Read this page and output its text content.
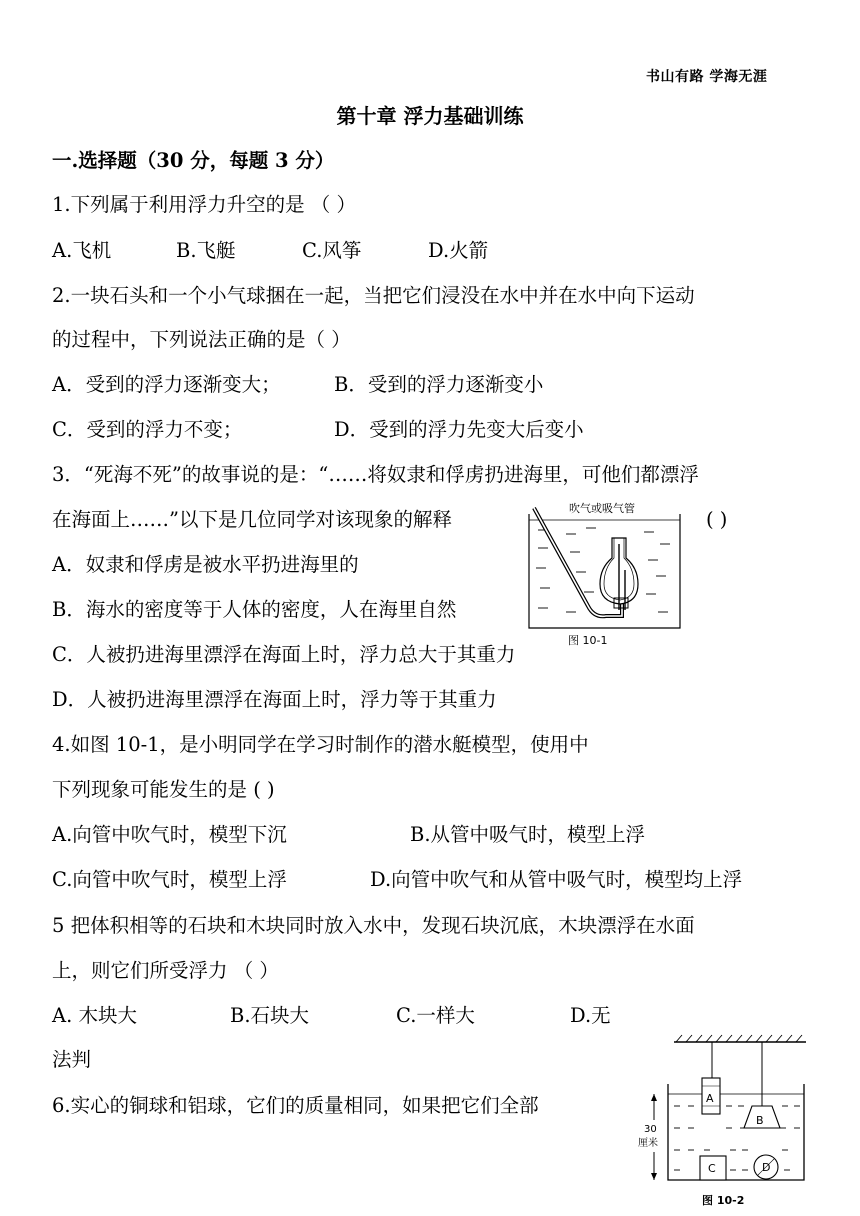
书山有路 学海无涯
第十章 浮力基础训练
一.选择题（30 分，每题 3 分）
1.下列属于利用浮力升空的是 （ ）
A.飞机	B.飞艇	C.风筝	D.火箭
2.一块石头和一个小气球捆在一起，当把它们浸没在水中并在水中向下运动
的过程中，下列说法正确的是（ ）
A．受到的浮力逐渐变大；	B．受到的浮力逐渐变小
C．受到的浮力不变；	D．受到的浮力先变大后变小
3．“死海不死”的故事说的是：“……将奴隶和俘虏扔进海里，可他们都漂浮
在海面上……”以下是几位同学对该现象的解释	( )
A．奴隶和俘虏是被水平扔进海里的
B．海水的密度等于人体的密度，人在海里自然
C．人被扔进海里漂浮在海面上时，浮力总大于其重力
D．人被扔进海里漂浮在海面上时，浮力等于其重力
吹气或吸气管
图 10-1
4.如图 10-1，是小明同学在学习时制作的潜水艇模型，使用中
下列现象可能发生的是 ( )
A.向管中吹气时，模型下沉	B.从管中吸气时，模型上浮
C.向管中吹气时，模型上浮	D.向管中吹气和从管中吸气时，模型均上浮
5 把体积相等的石块和木块同时放入水中，发现石块沉底，木块漂浮在水面
上，则它们所受浮力 （ ）
A. 木块大	B.石块大	C.一样大	D.无
法判
6.实心的铜球和铝球，它们的质量相同，如果把它们全部	A
B
C	D
30
厘米
图 10-2
